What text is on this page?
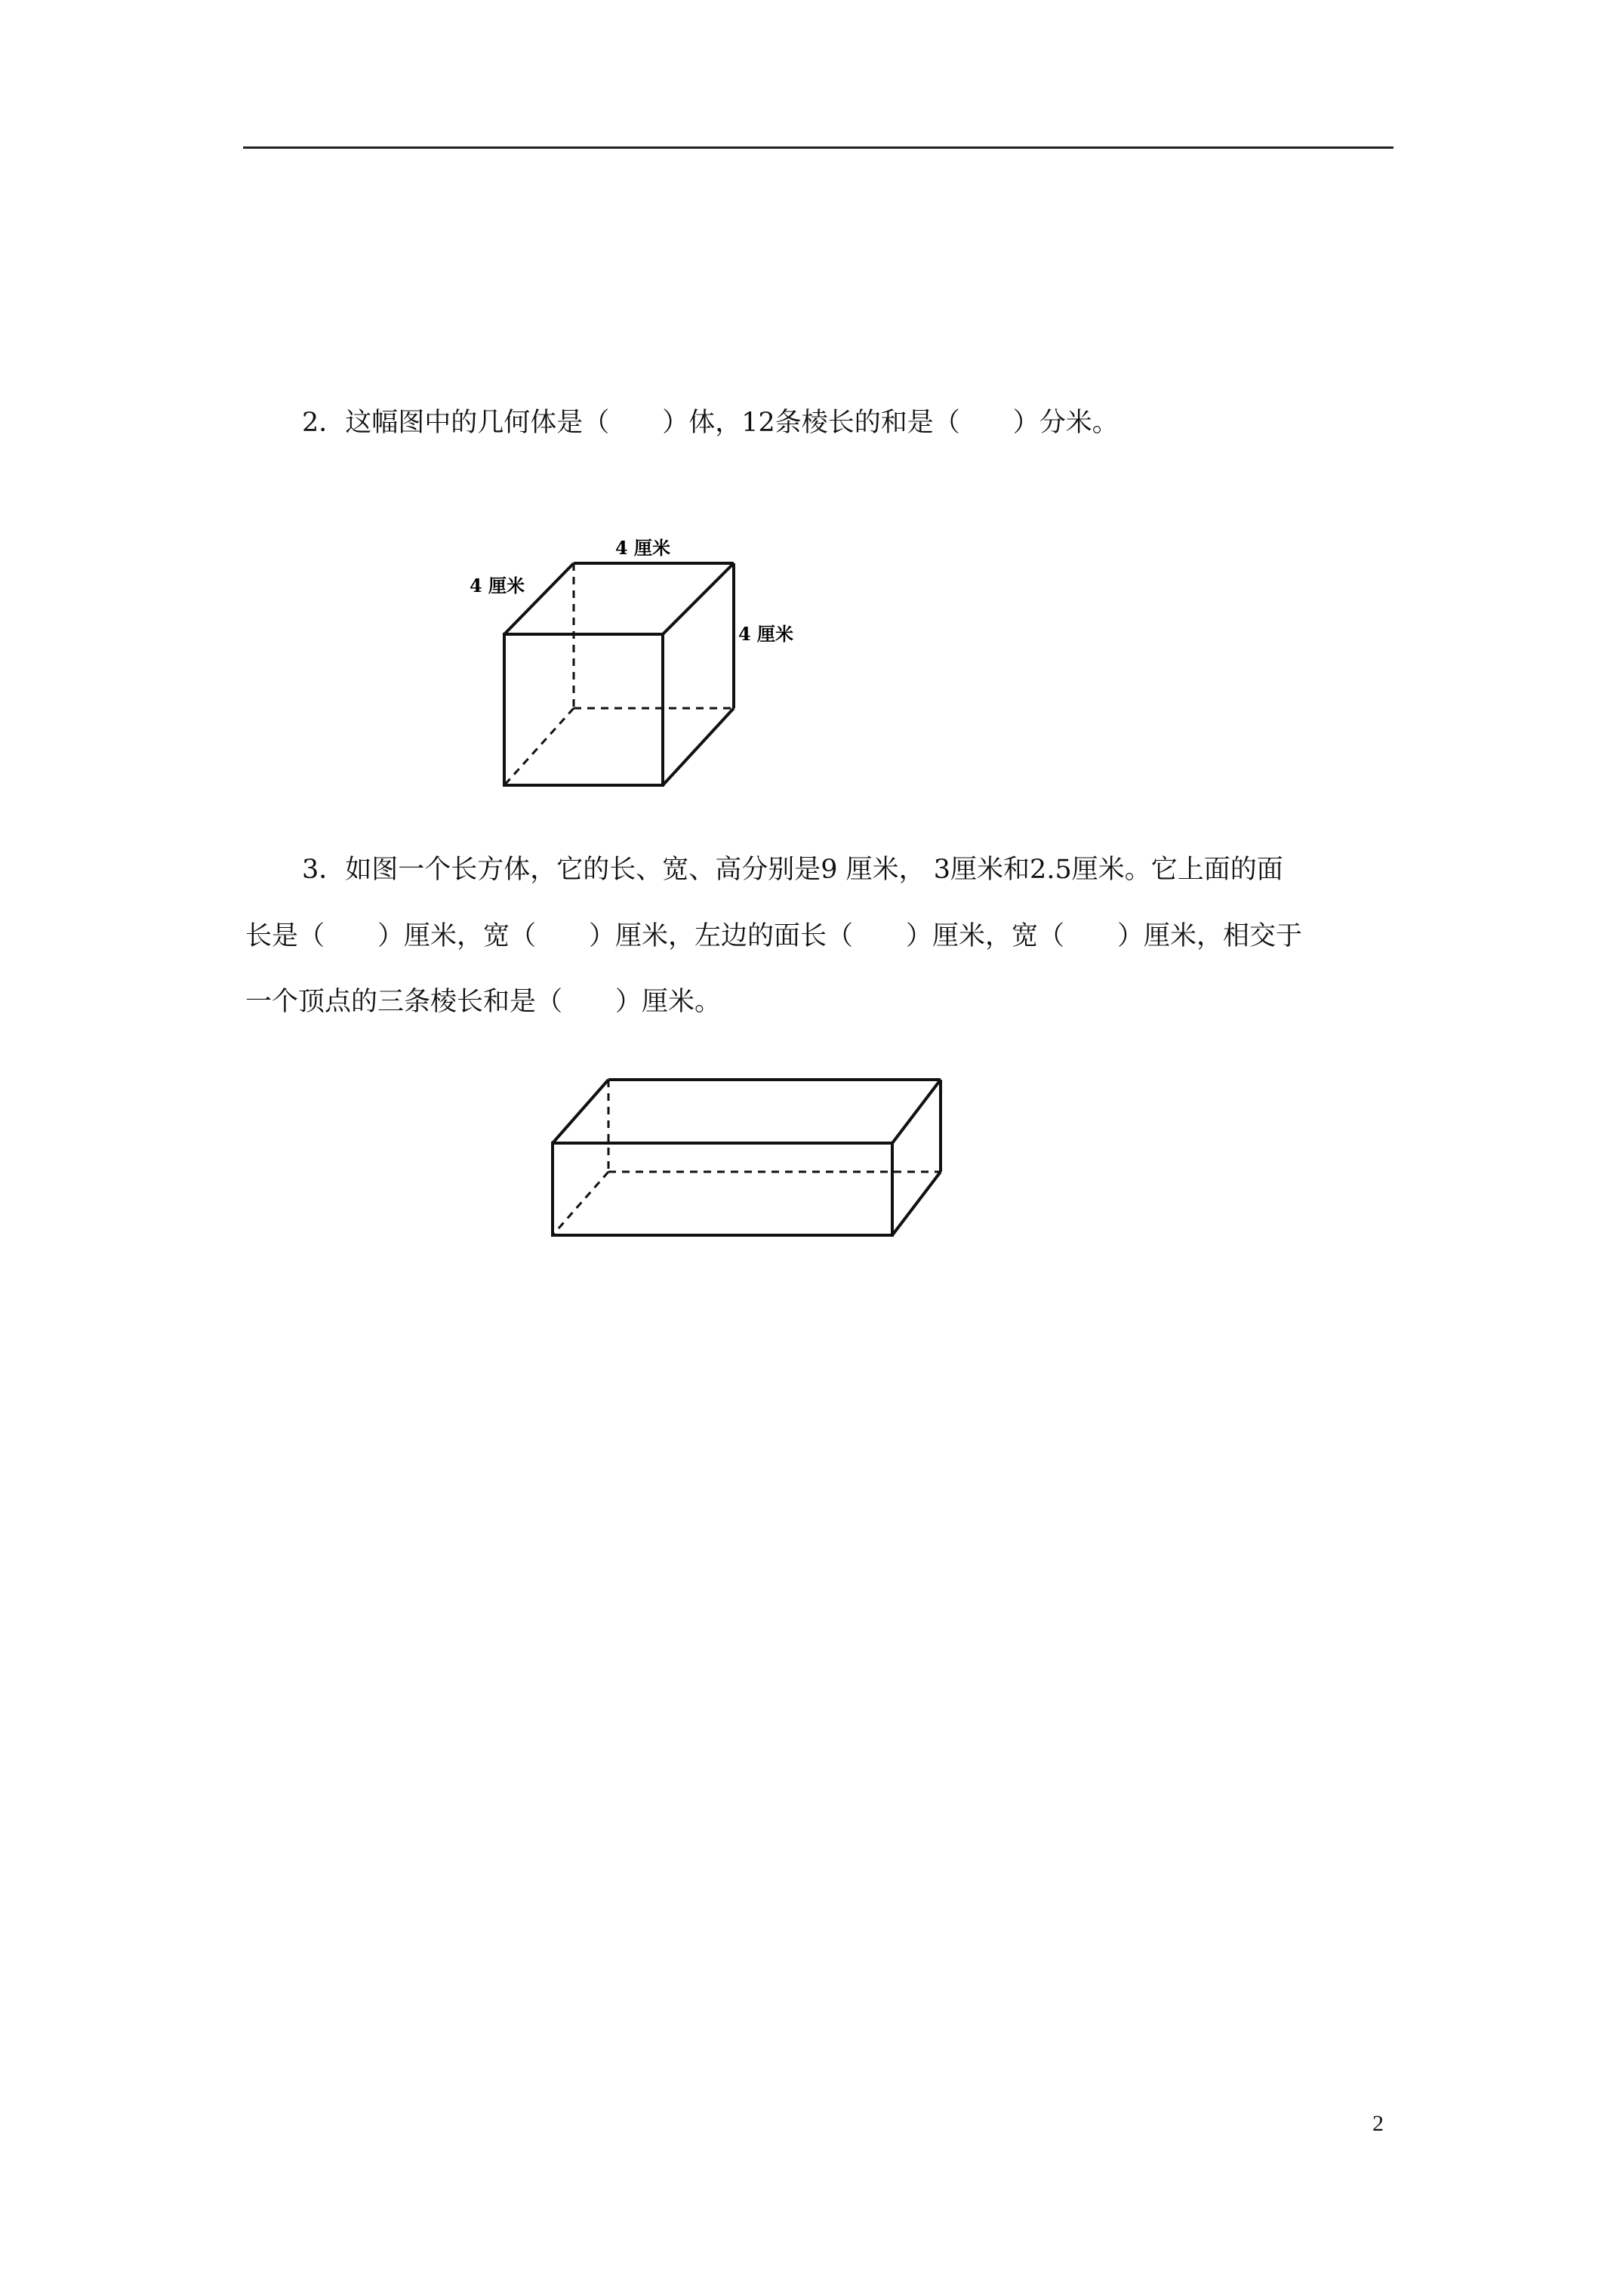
2．这幅图中的几何体是（　　）体，12条棱长的和是（　　）分米。
4 厘米
4 厘米
4 厘米
3．如图一个长方体，它的长、宽、高分别是9 厘米， 3厘米和2.5厘米。它上面的面
长是（　　）厘米，宽（　　）厘米，左边的面长（　　）厘米，宽（　　）厘米，相交于
一个顶点的三条棱长和是（　　）厘米。
2
